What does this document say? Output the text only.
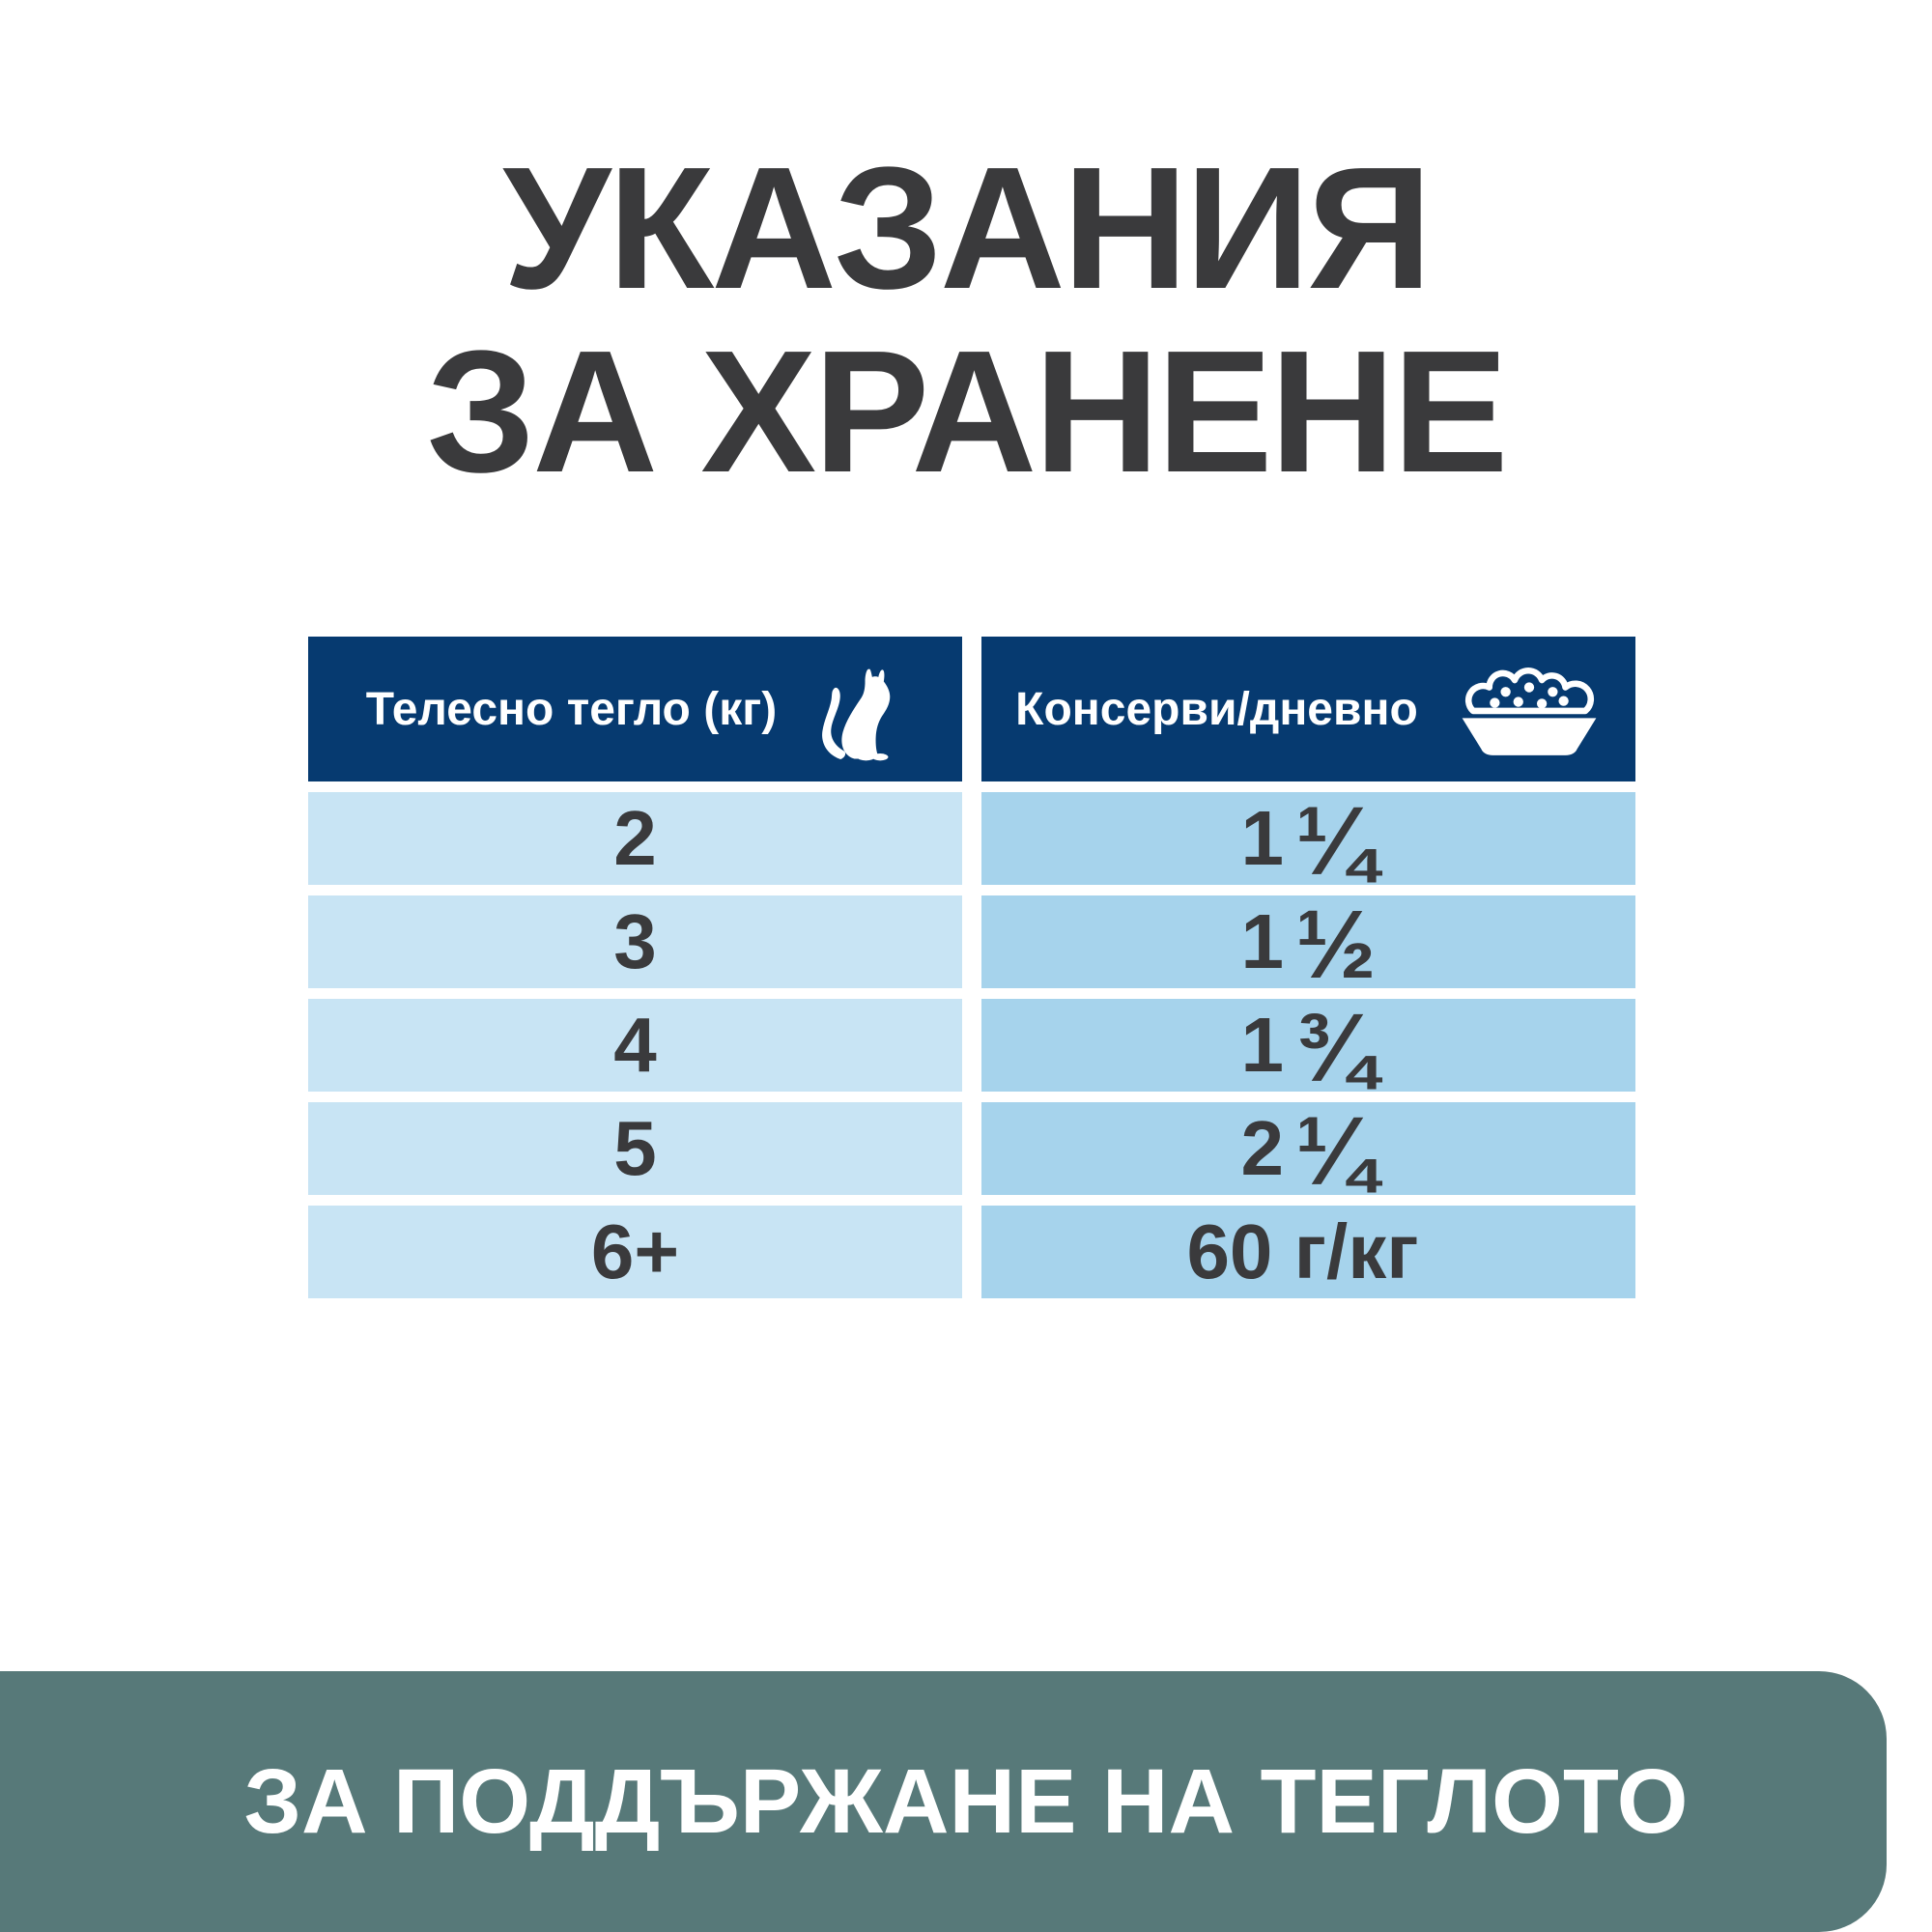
УКАЗАНИЯ
ЗА ХРАНЕНЕ
Телесно тегло (кг)	Консерви/дневно
2	1 ¼
3	1 ½
4	1 ¾
5	2 ¼
6+	60 г/кг
ЗА ПОДДЪРЖАНЕ НА ТЕГЛОТО
